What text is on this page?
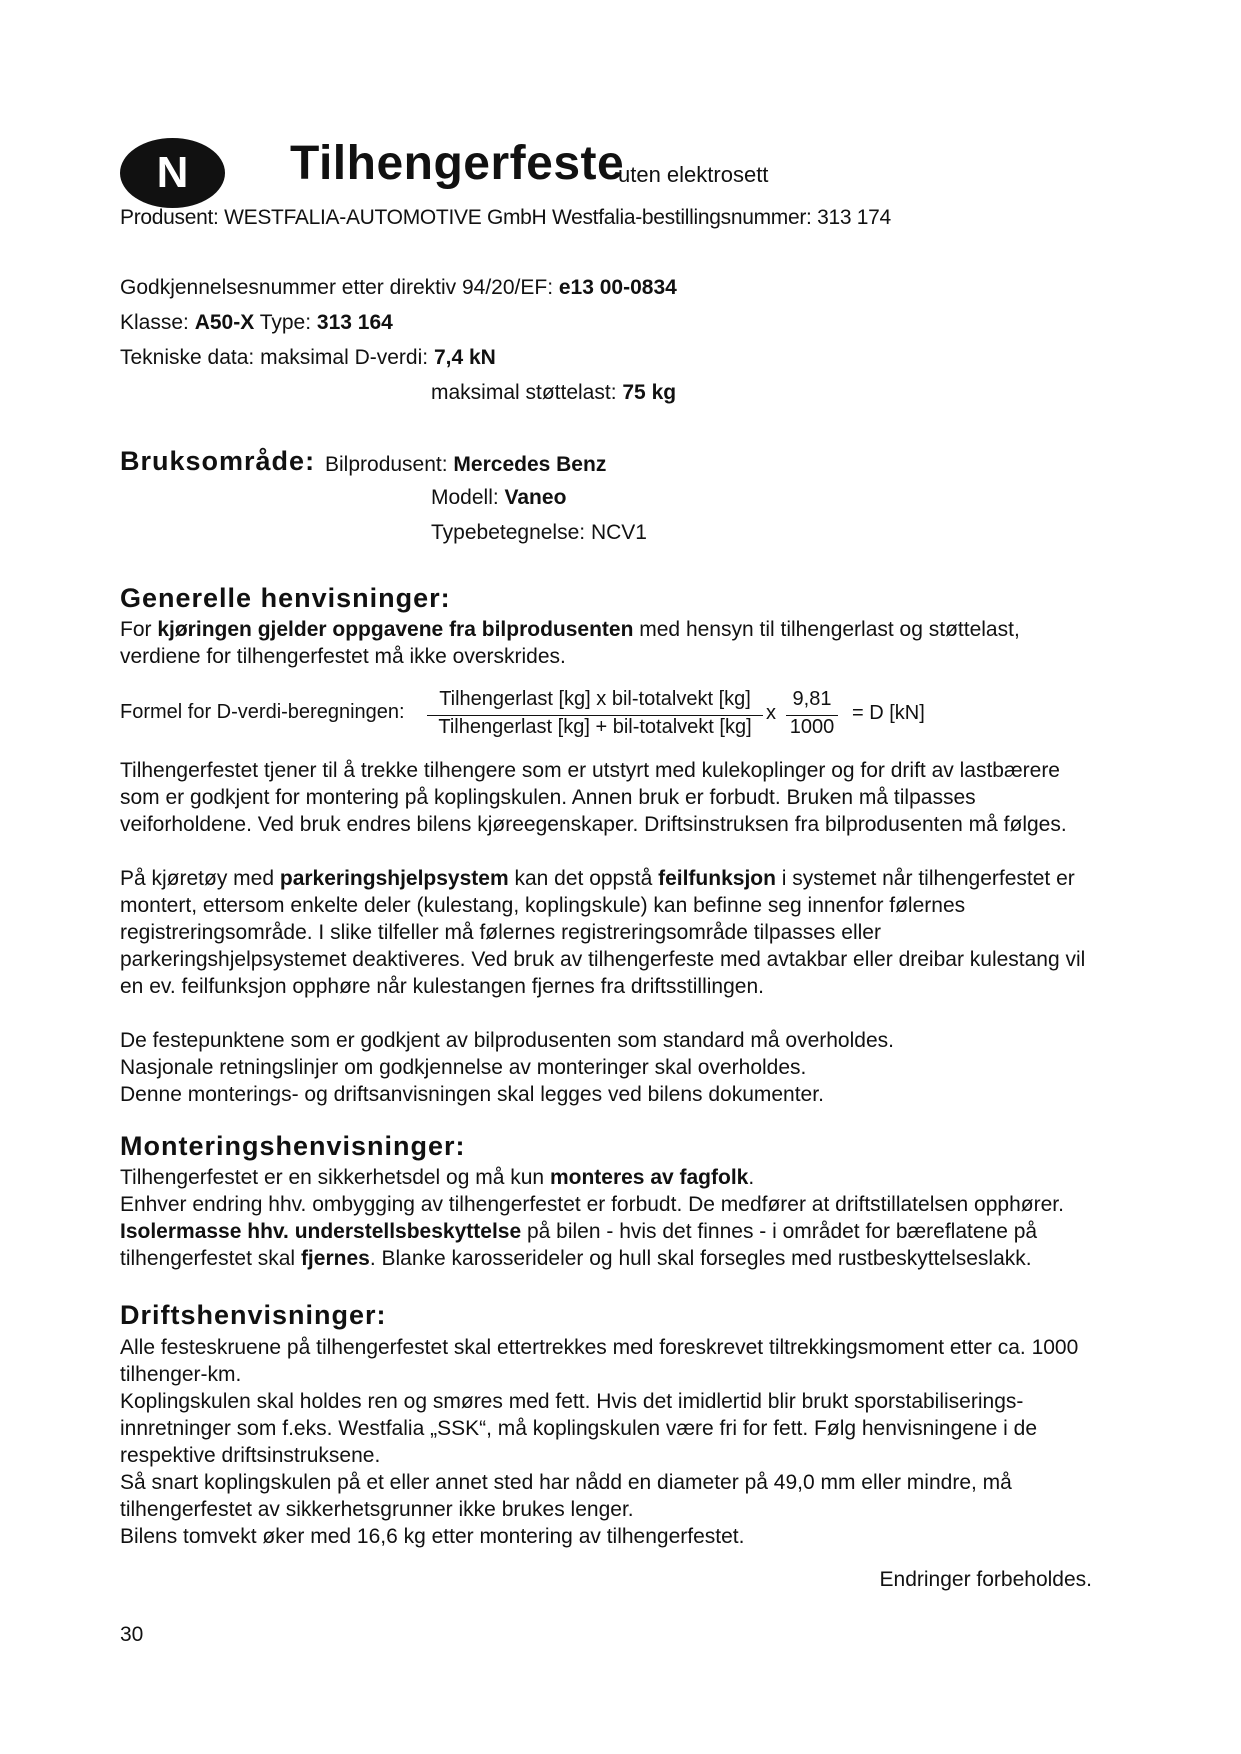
N Tilhengerfeste
uten elektrosett
Produsent: WESTFALIA-AUTOMOTIVE GmbH Westfalia-bestillingsnummer: 313 174
Godkjennelsesnummer etter direktiv 94/20/EF: e13 00-0834
Klasse: A50-X Type: 313 164
Tekniske data: maksimal D-verdi: 7,4 kN
maksimal støttelast: 75 kg
Bruksområde: Bilprodusent: Mercedes Benz
Modell: Vaneo
Typebetegnelse: NCV1
Generelle henvisninger:
For kjøringen gjelder oppgavene fra bilprodusenten med hensyn til tilhengerlast og støttelast,
verdiene for tilhengerfestet må ikke overskrides.
Formel for D-verdi-beregningen:
Tilhengerlast [kg] x bil-totalvekt [kg]
Tilhengerlast [kg] + bil-totalvekt [kg]
x
9,81
1000
= D [kN]
Tilhengerfestet tjener til å trekke tilhengere som er utstyrt med kulekoplinger og for drift av lastbærere som er godkjent for montering på koplingskulen. Annen bruk er forbudt. Bruken må tilpasses veiforholdene. Ved bruk endres bilens kjøreegenskaper. Driftsinstruksen fra bilprodusenten må følges.
På kjøretøy med parkeringshjelpsystem kan det oppstå feilfunksjon i systemet når tilhengerfestet er montert, ettersom enkelte deler (kulestang, koplingskule) kan befinne seg innenfor følernes registreringsområde. I slike tilfeller må følernes registreringsområde tilpasses eller parkeringshjelpsystemet deaktiveres. Ved bruk av tilhengerfeste med avtakbar eller dreibar kulestang vil en ev. feilfunksjon opphøre når kulestangen fjernes fra driftsstillingen.
De festepunktene som er godkjent av bilprodusenten som standard må overholdes.
Nasjonale retningslinjer om godkjennelse av monteringer skal overholdes.
Denne monterings- og driftsanvisningen skal legges ved bilens dokumenter.
Monteringshenvisninger:
Tilhengerfestet er en sikkerhetsdel og må kun monteres av fagfolk.
Enhver endring hhv. ombygging av tilhengerfestet er forbudt. De medfører at driftstillatelsen opphører.
Isolermasse hhv. understellsbeskyttelse på bilen - hvis det finnes - i området for bæreflatene på tilhengerfestet skal fjernes. Blanke karosserideler og hull skal forsegles med rustbeskyttelseslakk.
Driftshenvisninger:
Alle festeskruene på tilhengerfestet skal ettertrekkes med foreskrevet tiltrekkingsmoment etter ca. 1000 tilhenger-km.
Koplingskulen skal holdes ren og smøres med fett. Hvis det imidlertid blir brukt sporstabiliserings-innretninger som f.eks. Westfalia „SSK“, må koplingskulen være fri for fett. Følg henvisningene i de respektive driftsinstruksene.
Så snart koplingskulen på et eller annet sted har nådd en diameter på 49,0 mm eller mindre, må tilhengerfestet av sikkerhetsgrunner ikke brukes lenger.
Bilens tomvekt øker med 16,6 kg etter montering av tilhengerfestet.
Endringer forbeholdes.
30
